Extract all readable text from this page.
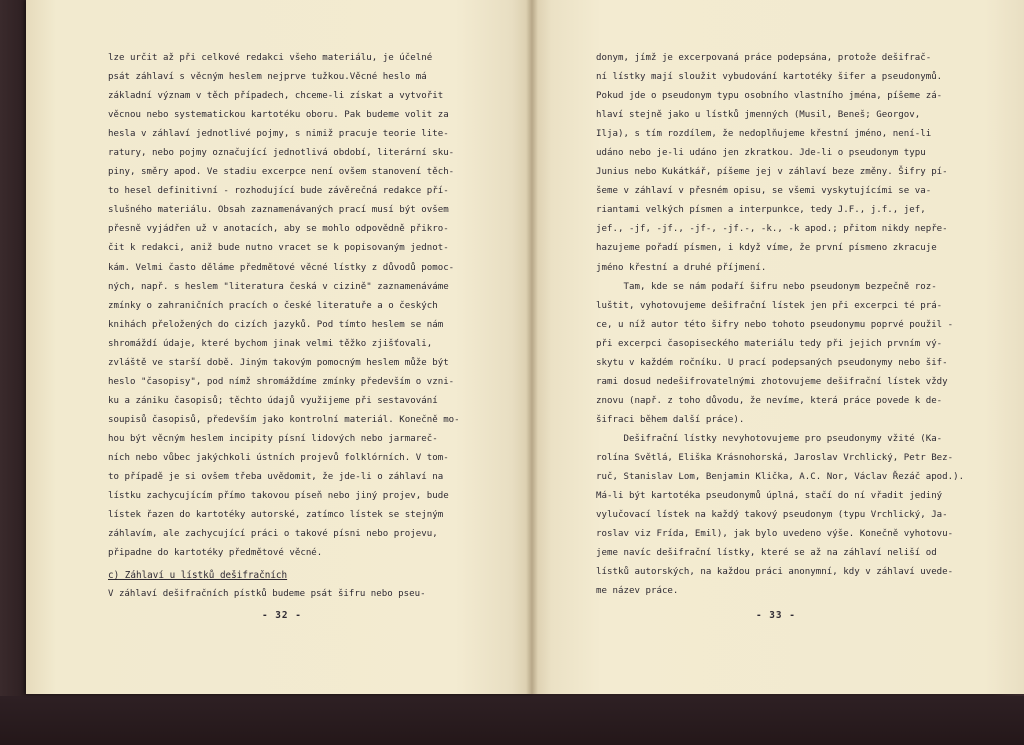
lze určit až při celkové redakci všeho materiálu, je účelné
psát záhlaví s věcným heslem nejprve tužkou.Věcné heslo má
základní význam v těch případech, chceme-li získat a vytvořit
věcnou nebo systematickou kartotéku oboru. Pak budeme volit za
hesla v záhlaví jednotlivé pojmy, s nimiž pracuje teorie lite-
ratury, nebo pojmy označující jednotlivá období, literární sku-
piny, směry apod. Ve stadiu excerpce není ovšem stanovení těch-
to hesel definitivní - rozhodující bude závěrečná redakce pří-
slušného materiálu. Obsah zaznamenávaných prací musí být ovšem
přesně vyjádřen už v anotacích, aby se mohlo odpovědně přikro-
čit k redakci, aniž bude nutno vracet se k popisovaným jednot-
kám. Velmi často děláme předmětové věcné lístky z důvodů pomoc-
ných, např. s heslem "literatura česká v cizině" zaznamenáváme
zmínky o zahraničních pracích o české literatuře a o českých
knihách přeložených do cizích jazyků. Pod tímto heslem se nám
shromáždí údaje, které bychom jinak velmi těžko zjišťovali,
zvláště ve starší době. Jiným takovým pomocným heslem může být
heslo "časopisy", pod nímž shromáždíme zmínky především o vzni-
ku a zániku časopisů; těchto údajů využijeme při sestavování
soupisů časopisů, především jako kontrolní materiál. Konečně mo-
hou být věcným heslem incipity písní lidových nebo jarmareč-
ních nebo vůbec jakýchkoli ústních projevů folklórních. V tom-
to případě je si ovšem třeba uvědomit, že jde-li o záhlaví na
lístku zachycujícím přímo takovou píseň nebo jiný projev, bude
lístek řazen do kartotéky autorské, zatímco lístek se stejným
záhlavím, ale zachycující práci o takové písni nebo projevu,
připadne do kartotéky předmětové věcné.
c) Záhlaví u lístků dešifračních
V záhlaví dešifračních pístků budeme psát šifru nebo pseu-
- 32 -
donym, jímž je excerpovaná práce podepsána, protože dešifrač-
ní lístky mají sloužit vybudování kartotéky šifer a pseudonymů.
Pokud jde o pseudonym typu osobního vlastního jména, píšeme zá-
hlaví stejně jako u lístků jmenných (Musil, Beneš; Georgov,
Ilja), s tím rozdílem, že nedoplňujeme křestní jméno, není-li
udáno nebo je-li udáno jen zkratkou. Jde-li o pseudonym typu
Junius nebo Kukátkář, píšeme jej v záhlaví beze změny. Šifry pí-
šeme v záhlaví v přesném opisu, se všemi vyskytujícími se va-
riantami velkých písmen a interpunkce, tedy J.F., j.f., jef,
jef., -jf, -jf., -jf-, -jf.-, -k., -k apod.; přitom nikdy nepře-
hazujeme pořadí písmen, i když víme, že první písmeno zkracuje
jméno křestní a druhé příjmení.
Tam, kde se nám podaří šifru nebo pseudonym bezpečně roz-
luštit, vyhotovujeme dešifrační lístek jen při excerpci té prá-
ce, u níž autor této šifry nebo tohoto pseudonymu poprvé použil -
při excerpci časopiseckého materiálu tedy při jejich prvním vý-
skytu v každém ročníku. U prací podepsaných pseudonymy nebo šif-
rami dosud nedešifrovatelnými zhotovujeme dešifrační lístek vždy
znovu (např. z toho důvodu, že nevíme, která práce povede k de-
šifraci během další práce).
Dešifrační lístky nevyhotovujeme pro pseudonymy vžité (Ka-
rolína Světlá, Eliška Krásnohorská, Jaroslav Vrchlický, Petr Bez-
ruč, Stanislav Lom, Benjamin Klička, A.C. Nor, Václav Řezáč apod.).
Má-li být kartotéka pseudonymů úplná, stačí do ní vřadit jediný
vylučovací lístek na každý takový pseudonym (typu Vrchlický, Ja-
roslav viz Frída, Emil), jak bylo uvedeno výše. Konečně vyhotovu-
jeme navíc dešifrační lístky, které se až na záhlaví neliší od
lístků autorských, na každou práci anonymní, kdy v záhlaví uvede-
me název práce.
- 33 -
